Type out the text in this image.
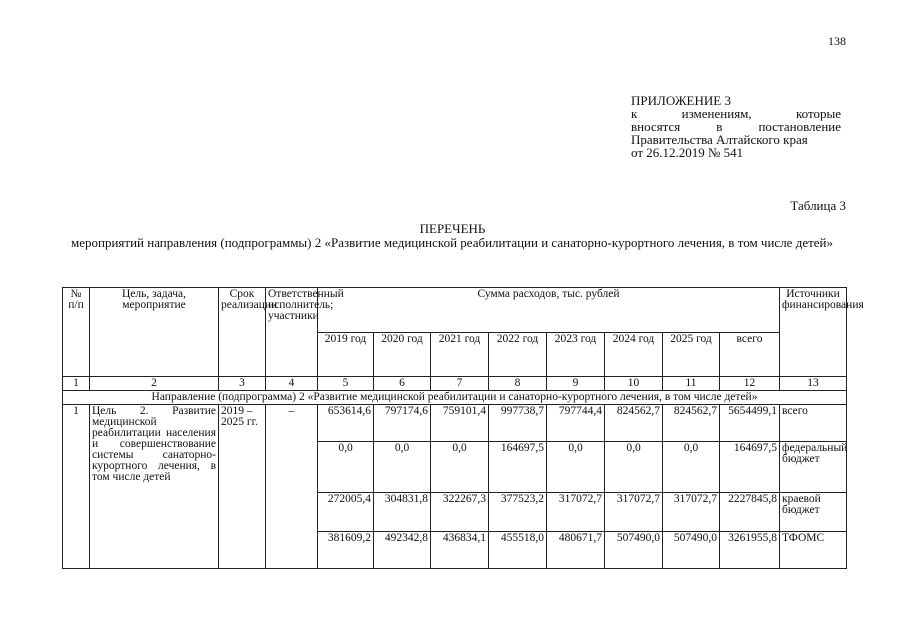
138
ПРИЛОЖЕНИЕ 3
к изменениям, которые
вносятся в постановление
Правительства Алтайского края
от 26.12.2019 № 541
Таблица 3
ПЕРЕЧЕНЬ
мероприятий направления (подпрограммы) 2 «Развитие медицинской реабилитации и санаторно-курортного лечения, в том числе детей»
№ п/п	Цель, задача, мероприятие	Срок реализации	Ответственный исполнитель; участники	Сумма расходов, тыс. рублей								Источники финансирования
				2019 год	2020 год	2021 год	2022 год	2023 год	2024 год	2025 год	всего	
1	2	3	4	5	6	7	8	9	10	11	12	13
Направление (подпрограмма) 2 «Развитие медицинской реабилитации и санаторно-курортного лечения, в том числе детей»												
1	Цель 2. Развитие медицинской реабилитации населения и совершенствование системы санаторно-курортного лечения, в том числе детей	2019 – 2025 гг.	–	653614,6	797174,6	759101,4	997738,7	797744,4	824562,7	824562,7	5654499,1	всего
				0,0	0,0	0,0	164697,5	0,0	0,0	0,0	164697,5	федеральный бюджет
				272005,4	304831,8	322267,3	377523,2	317072,7	317072,7	317072,7	2227845,8	краевой бюджет
				381609,2	492342,8	436834,1	455518,0	480671,7	507490,0	507490,0	3261955,8	ТФОМС
